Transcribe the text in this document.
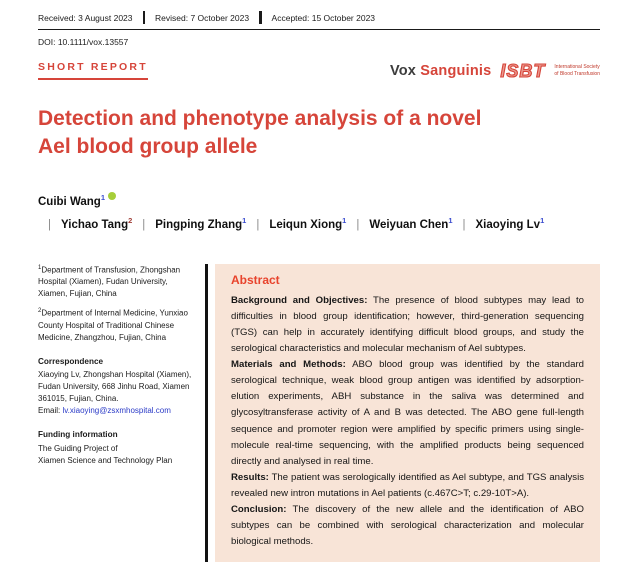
Received: 3 August 2023	Revised: 7 October 2023	Accepted: 15 October 2023
DOI: 10.1111/vox.13557
SHORT REPORT	Vox Sanguinis ISBT International Society
of Blood Transfusion
Detection and phenotype analysis of a novel Ael blood group allele
Cuibi Wang$^1$| Yichao Tang$^2$ | Pingping Zhang$^1$ | Leiqun Xiong$^1$ | Weiyuan Chen$^1$ | Xiaoying Lv$^1$

$^1$Department of Transfusion, Zhongshan Hospital (Xiamen), Fudan University, Xiamen, Fujian, China

$^2$Department of Internal Medicine, Yunxiao County Hospital of Traditional Chinese Medicine, Zhangzhou, Fujian, China

Correspondence

Xiaoying Lv, Zhongshan Hospital (Xiamen), Fudan University, 668 Jinhu Road, Xiamen 361015, Fujian, China.

Email: lv.xiaoying@zsxmhospital.com

Funding information

The Guiding Project of
Xiamen Science and Technology Plan

Abstract

Background and Objectives: The presence of blood subtypes may lead to difficulties in blood group identification; however, third-generation sequencing (TGS) can help in accurately identifying difficult blood groups, and study the serological characteristics and molecular mechanism of Ael subtypes.

Materials and Methods: ABO blood group was identified by the standard serological technique, weak blood group antigen was identified by adsorption-elution experiments, ABH substance in the saliva was determined and glycosyltransferase activity of A and B was detected. The ABO gene full-length sequence and promoter region were amplified by specific primers using single-molecule real-time sequencing, with the amplified products being sequenced directly and analysed in real time.

Results: The patient was serologically identified as Ael subtype, and TGS analysis revealed new intron mutations in Ael patients (c.467C>T; c.29-10T>A).

Conclusion: The discovery of the new allele and the identification of ABO subtypes can be combined with serological characterization and molecular biological methods.
